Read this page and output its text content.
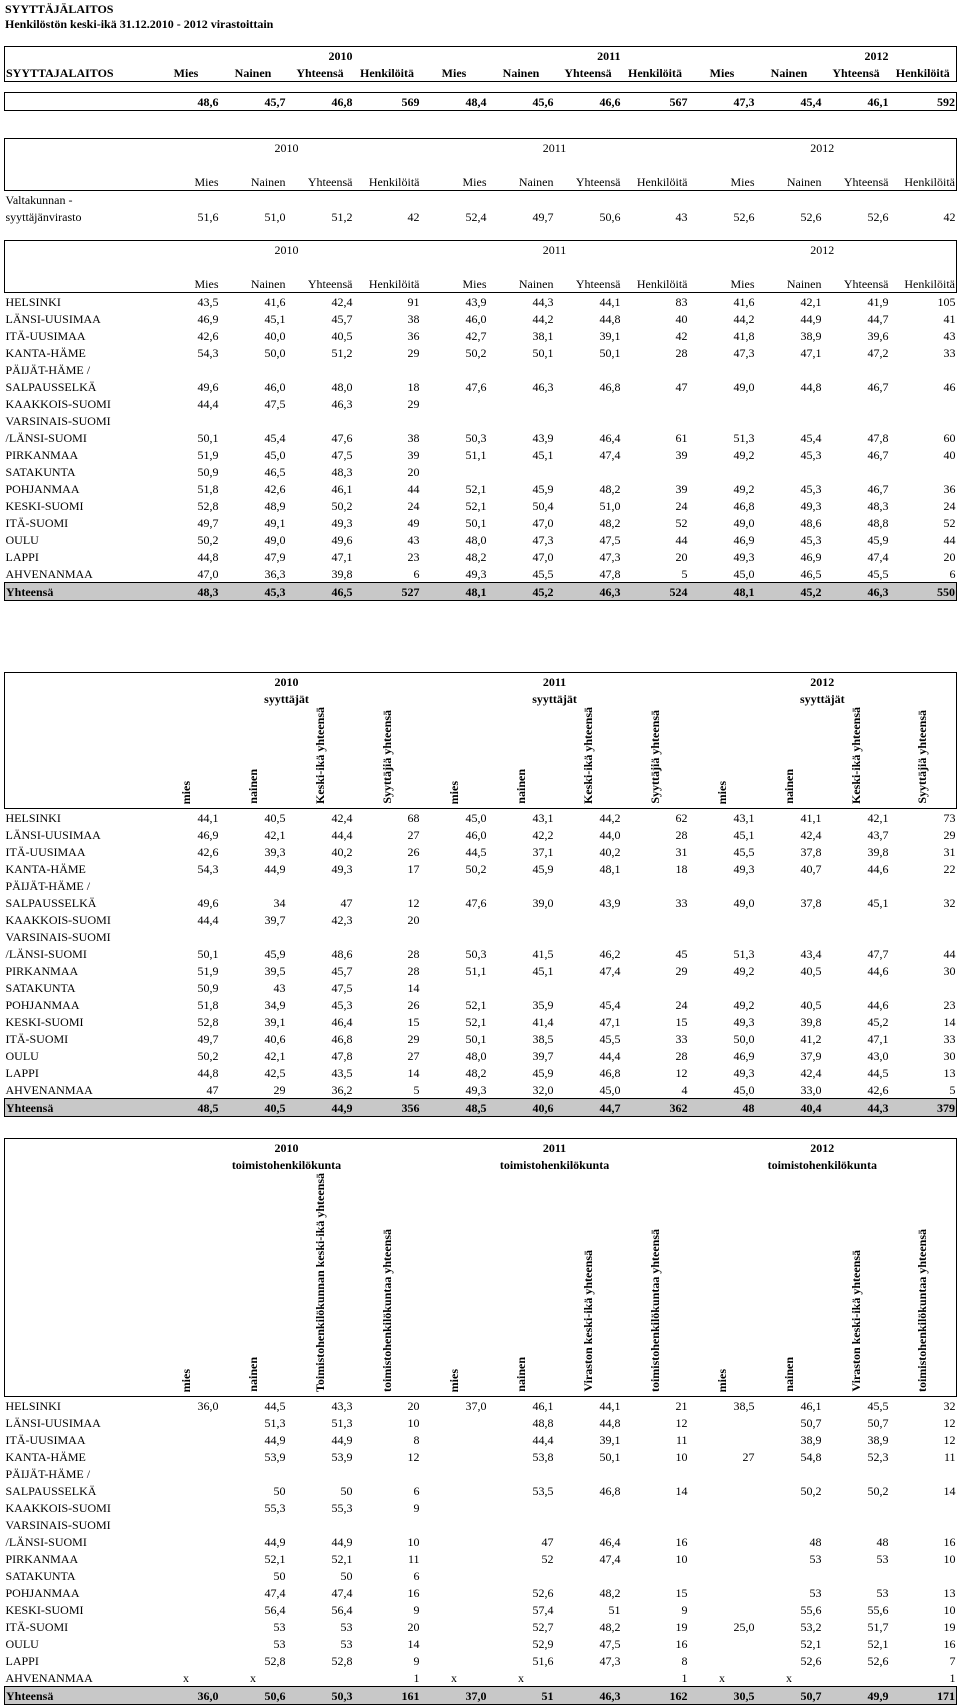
SYYTTÄJÄLAITOS
Henkilöstön keski-ikä 31.12.2010 - 2012 virastoittain
		2010				2011				2012		
SYYTTAJALAITOS	Mies	Nainen	Yhteensä	Henkilöitä	Mies	Nainen	Yhteensä	Henkilöitä	Mies	Nainen	Yhteensä	Henkilöitä

	48,6	45,7	46,8	569	48,4	45,6	46,6	567	47,3	45,4	46,1	592
	2010				2011				2012			

	Mies	Nainen	Yhteensä	Henkilöitä	Mies	Nainen	Yhteensä	Henkilöitä	Mies	Nainen	Yhteensä	Henkilöitä
Valtakunnan -												
syyttäjänvirasto	51,6	51,0	51,2	42	52,4	49,7	50,6	43	52,6	52,6	52,6	42
	2010				2011				2012			

	Mies	Nainen	Yhteensä	Henkilöitä	Mies	Nainen	Yhteensä	Henkilöitä	Mies	Nainen	Yhteensä	Henkilöitä
HELSINKI	43,5	41,6	42,4	91	43,9	44,3	44,1	83	41,6	42,1	41,9	105
LÄNSI-UUSIMAA	46,9	45,1	45,7	38	46,0	44,2	44,8	40	44,2	44,9	44,7	41
ITÄ-UUSIMAA	42,6	40,0	40,5	36	42,7	38,1	39,1	42	41,8	38,9	39,6	43
KANTA-HÄME	54,3	50,0	51,2	29	50,2	50,1	50,1	28	47,3	47,1	47,2	33
PÄIJÄT-HÄME /												
SALPAUSSELKÄ	49,6	46,0	48,0	18	47,6	46,3	46,8	47	49,0	44,8	46,7	46
KAAKKOIS-SUOMI	44,4	47,5	46,3	29								
VARSINAIS-SUOMI												
/LÄNSI-SUOMI	50,1	45,4	47,6	38	50,3	43,9	46,4	61	51,3	45,4	47,8	60
PIRKANMAA	51,9	45,0	47,5	39	51,1	45,1	47,4	39	49,2	45,3	46,7	40
SATAKUNTA	50,9	46,5	48,3	20								
POHJANMAA	51,8	42,6	46,1	44	52,1	45,9	48,2	39	49,2	45,3	46,7	36
KESKI-SUOMI	52,8	48,9	50,2	24	52,1	50,4	51,0	24	46,8	49,3	48,3	24
ITÄ-SUOMI	49,7	49,1	49,3	49	50,1	47,0	48,2	52	49,0	48,6	48,8	52
OULU	50,2	49,0	49,6	43	48,0	47,3	47,5	44	46,9	45,3	45,9	44
LAPPI	44,8	47,9	47,1	23	48,2	47,0	47,3	20	49,3	46,9	47,4	20
AHVENANMAA	47,0	36,3	39,8	6	49,3	45,5	47,8	5	45,0	46,5	45,5	6
Yhteensä	48,3	45,3	46,5	527	48,1	45,2	46,3	524	48,1	45,2	46,3	550
	2010				2011				2012			
	syyttäjät				syyttäjät				syyttäjät			
	mies	nainen	Keski-ikä yhteensä	Syyttäjiä yhteensä	mies	nainen	Keski-ikä yhteensä	Syyttäjiä yhteensä	mies	nainen	Keski-ikä yhteensä	Syyttäjiä yhteensä
HELSINKI	44,1	40,5	42,4	68	45,0	43,1	44,2	62	43,1	41,1	42,1	73
LÄNSI-UUSIMAA	46,9	42,1	44,4	27	46,0	42,2	44,0	28	45,1	42,4	43,7	29
ITÄ-UUSIMAA	42,6	39,3	40,2	26	44,5	37,1	40,2	31	45,5	37,8	39,8	31
KANTA-HÄME	54,3	44,9	49,3	17	50,2	45,9	48,1	18	49,3	40,7	44,6	22
PÄIJÄT-HÄME /												
SALPAUSSELKÄ	49,6	34	47	12	47,6	39,0	43,9	33	49,0	37,8	45,1	32
KAAKKOIS-SUOMI	44,4	39,7	42,3	20								
VARSINAIS-SUOMI												
/LÄNSI-SUOMI	50,1	45,9	48,6	28	50,3	41,5	46,2	45	51,3	43,4	47,7	44
PIRKANMAA	51,9	39,5	45,7	28	51,1	45,1	47,4	29	49,2	40,5	44,6	30
SATAKUNTA	50,9	43	47,5	14								
POHJANMAA	51,8	34,9	45,3	26	52,1	35,9	45,4	24	49,2	40,5	44,6	23
KESKI-SUOMI	52,8	39,1	46,4	15	52,1	41,4	47,1	15	49,3	39,8	45,2	14
ITÄ-SUOMI	49,7	40,6	46,8	29	50,1	38,5	45,5	33	50,0	41,2	47,1	33
OULU	50,2	42,1	47,8	27	48,0	39,7	44,4	28	46,9	37,9	43,0	30
LAPPI	44,8	42,5	43,5	14	48,2	45,9	46,8	12	49,3	42,4	44,5	13
AHVENANMAA	47	29	36,2	5	49,3	32,0	45,0	4	45,0	33,0	42,6	5
Yhteensä	48,5	40,5	44,9	356	48,5	40,6	44,7	362	48	40,4	44,3	379
	2010				2011				2012			
	toimistohenkilökunta				toimistohenkilökunta				toimistohenkilökunta			
	mies	nainen	Toimistohenkilökunnan keski-ikä yhteensä	toimistohenkilökuntaa yhteensä	mies	nainen	Viraston keski-ikä yhteensä	toimistohenkilökuntaa yhteensä	mies	nainen	Viraston keski-ikä yhteensä	toimistohenkilökuntaa yhteensä
HELSINKI	36,0	44,5	43,3	20	37,0	46,1	44,1	21	38,5	46,1	45,5	32
LÄNSI-UUSIMAA		51,3	51,3	10		48,8	44,8	12		50,7	50,7	12
ITÄ-UUSIMAA		44,9	44,9	8		44,4	39,1	11		38,9	38,9	12
KANTA-HÄME		53,9	53,9	12		53,8	50,1	10	27	54,8	52,3	11
PÄIJÄT-HÄME /												
SALPAUSSELKÄ		50	50	6		53,5	46,8	14		50,2	50,2	14
KAAKKOIS-SUOMI		55,3	55,3	9								
VARSINAIS-SUOMI												
/LÄNSI-SUOMI		44,9	44,9	10		47	46,4	16		48	48	16
PIRKANMAA		52,1	52,1	11		52	47,4	10		53	53	10
SATAKUNTA		50	50	6								
POHJANMAA		47,4	47,4	16		52,6	48,2	15		53	53	13
KESKI-SUOMI		56,4	56,4	9		57,4	51	9		55,6	55,6	10
ITÄ-SUOMI		53	53	20		52,7	48,2	19	25,0	53,2	51,7	19
OULU		53	53	14		52,9	47,5	16		52,1	52,1	16
LAPPI		52,8	52,8	9		51,6	47,3	8		52,6	52,6	7
AHVENANMAA	x	x		1	x	x		1	x	x		1
Yhteensä	36,0	50,6	50,3	161	37,0	51	46,3	162	30,5	50,7	49,9	171
